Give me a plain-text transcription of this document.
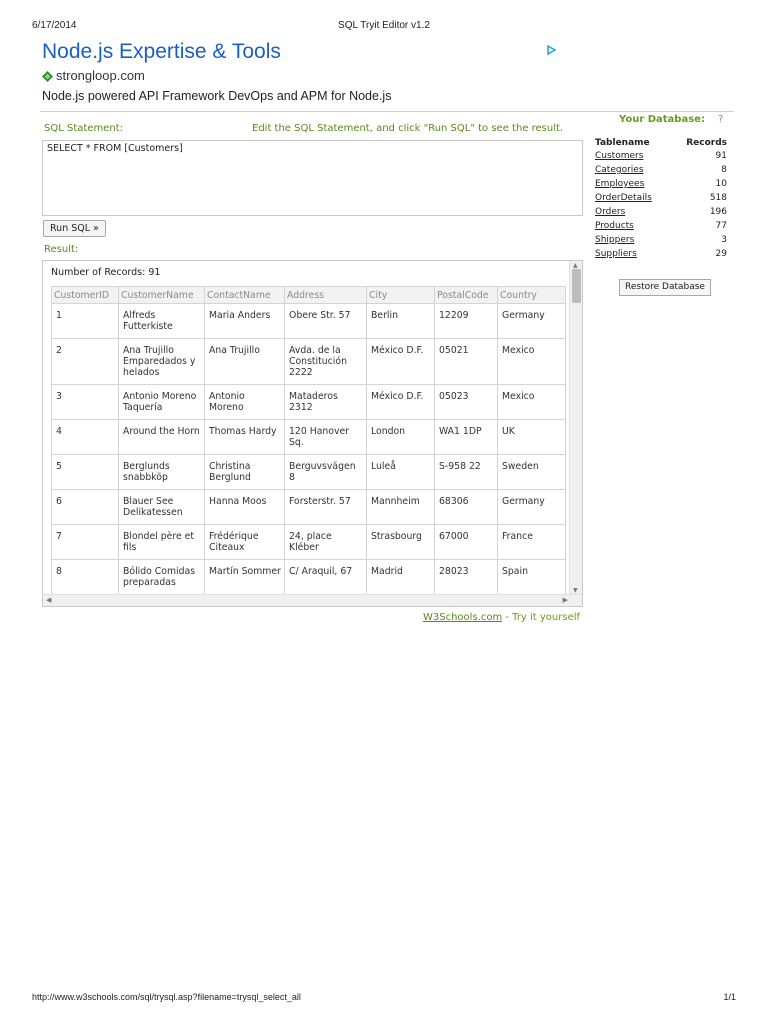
6/17/2014	SQL Tryit Editor v1.2
http://www.w3schools.com/sql/trysql.asp?filename=trysql_select_all	1/1
Node.js Expertise & Tools
strongloop.com
Node.js powered API Framework DevOps and APM for Node.js
SQL Statement:	Edit the SQL Statement, and click "Run SQL" to see the result.
SELECT * FROM [Customers]
Run SQL »
Result:
Number of Records: 91
CustomerID	CustomerName	ContactName	Address	City	PostalCode	Country
1	Alfreds Futterkiste	Maria Anders	Obere Str. 57	Berlin	12209	Germany
2	Ana Trujillo Emparedados y helados	Ana Trujillo	Avda. de la Constitución 2222	México D.F.	05021	Mexico
3	Antonio Moreno Taquería	Antonio Moreno	Mataderos 2312	México D.F.	05023	Mexico
4	Around the Horn	Thomas Hardy	120 Hanover Sq.	London	WA1 1DP	UK
5	Berglunds snabbköp	Christina Berglund	Berguvsvägen 8	Luleå	S-958 22	Sweden
6	Blauer See Delikatessen	Hanna Moos	Forsterstr. 57	Mannheim	68306	Germany
7	Blondel père et fils	Frédérique Citeaux	24, place Kléber	Strasbourg	67000	France
8	Bólido Comidas preparadas	Martín Sommer	C/ Araquil, 67	Madrid	28023	Spain
▲
▼
◀	▶
Your Database: ?
Tablename	Records
Customers	91
Categories	8
Employees	10
OrderDetails	518
Orders	196
Products	77
Shippers	3
Suppliers	29
Restore Database
W3Schools.com - Try it yourself
